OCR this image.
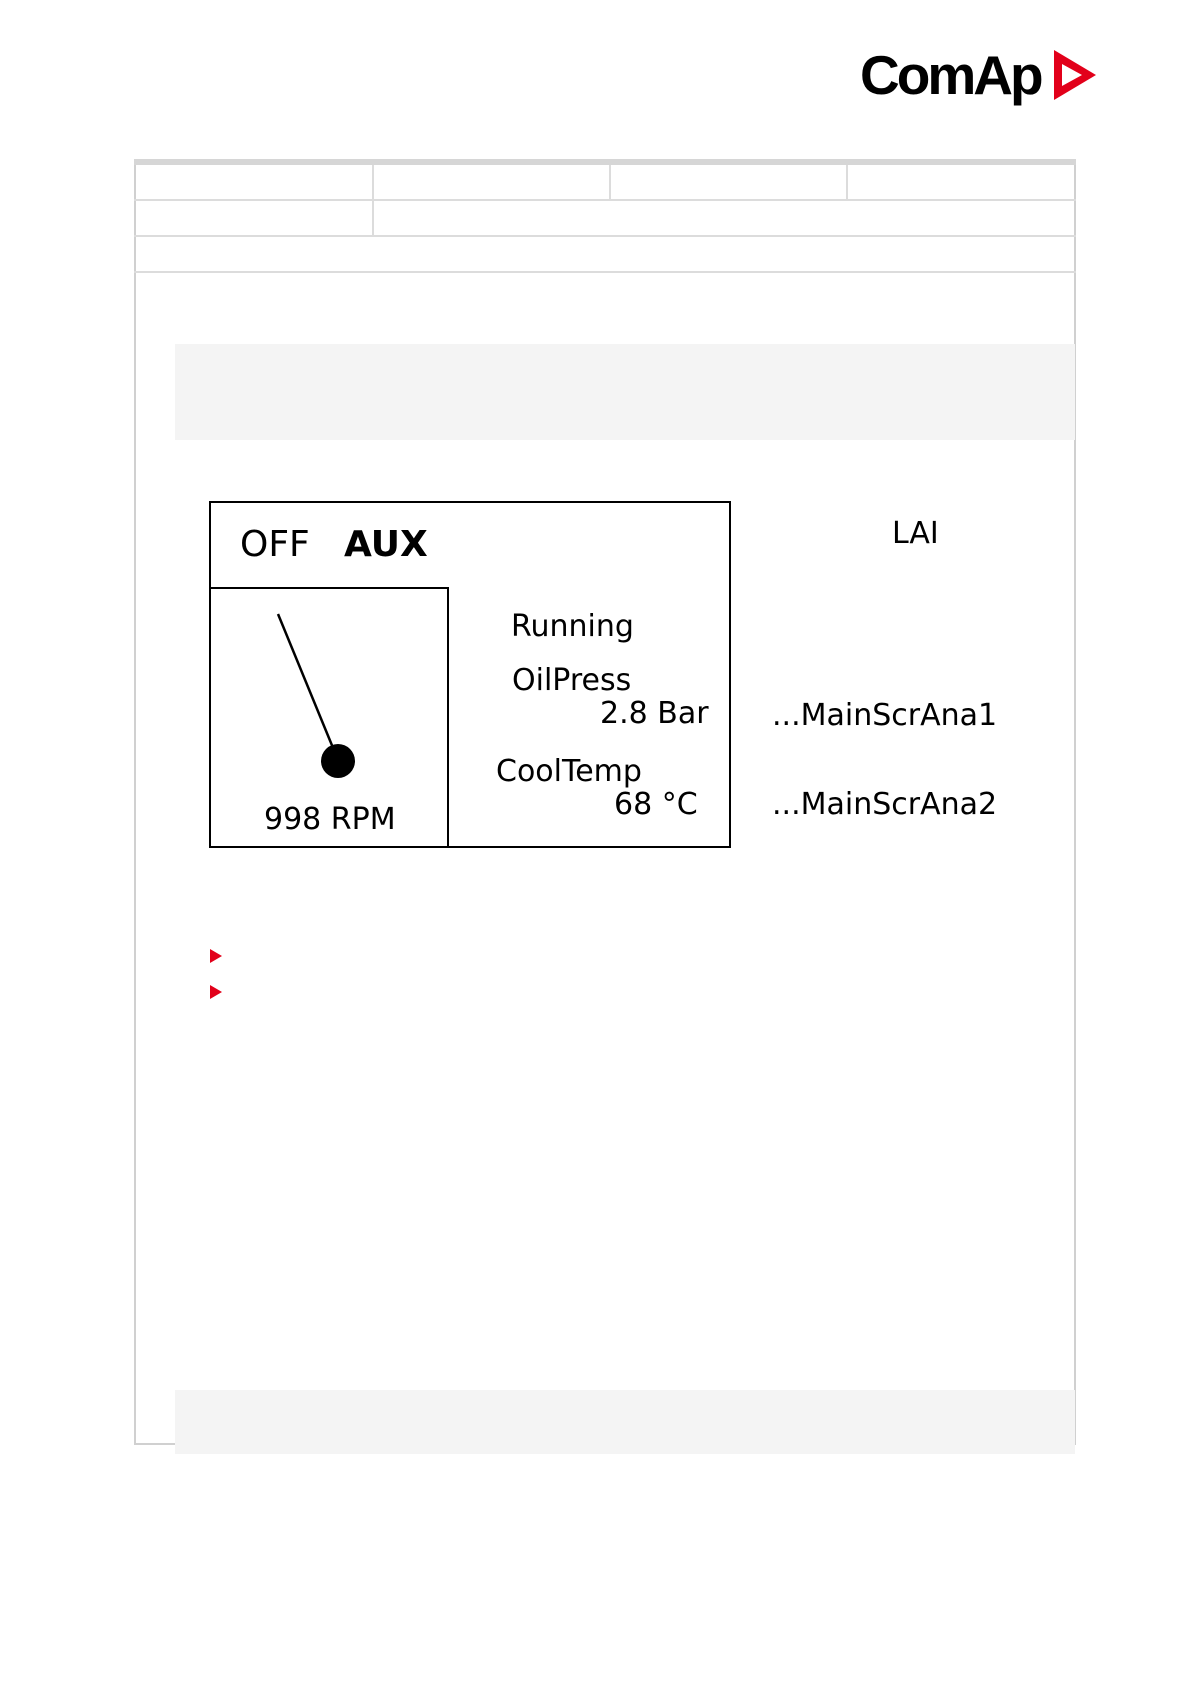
ComAp
OFF AUX
998 RPM
Running
OilPress
2.8 Bar
CoolTemp
68 °C
LAI
...MainScrAna1
...MainScrAna2
